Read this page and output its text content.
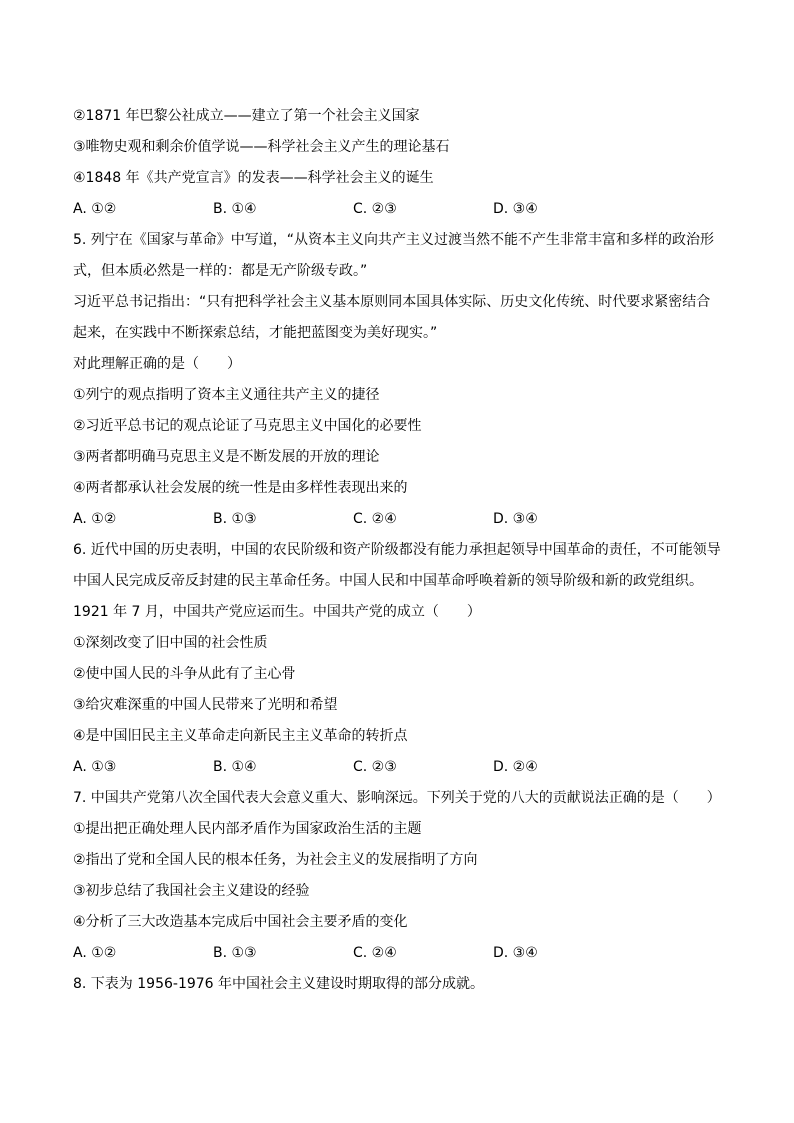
②1871 年巴黎公社成立——建立了第一个社会主义国家
③唯物史观和剩余价值学说——科学社会主义产生的理论基石
④1848 年《共产党宣言》的发表——科学社会主义的诞生
A. ①②	B. ①④	C. ②③	D. ③④
5. 列宁在《国家与革命》中写道，“从资本主义向共产主义过渡当然不能不产生非常丰富和多样的政治形
式，但本质必然是一样的：都是无产阶级专政。”
习近平总书记指出：“只有把科学社会主义基本原则同本国具体实际、历史文化传统、时代要求紧密结合
起来，在实践中不断探索总结，才能把蓝图变为美好现实。”
对此理解正确的是（　　）
①列宁的观点指明了资本主义通往共产主义的捷径
②习近平总书记的观点论证了马克思主义中国化的必要性
③两者都明确马克思主义是不断发展的开放的理论
④两者都承认社会发展的统一性是由多样性表现出来的
A. ①②	B. ①③	C. ②④	D. ③④
6. 近代中国的历史表明，中国的农民阶级和资产阶级都没有能力承担起领导中国革命的责任，不可能领导
中国人民完成反帝反封建的民主革命任务。中国人民和中国革命呼唤着新的领导阶级和新的政党组织。
1921 年 7 月，中国共产党应运而生。中国共产党的成立（　　）
①深刻改变了旧中国的社会性质
②使中国人民的斗争从此有了主心骨
③给灾难深重的中国人民带来了光明和希望
④是中国旧民主主义革命走向新民主主义革命的转折点
A. ①③	B. ①④	C. ②③	D. ②④
7. 中国共产党第八次全国代表大会意义重大、影响深远。下列关于党的八大的贡献说法正确的是（　　）
①提出把正确处理人民内部矛盾作为国家政治生活的主题
②指出了党和全国人民的根本任务，为社会主义的发展指明了方向
③初步总结了我国社会主义建设的经验
④分析了三大改造基本完成后中国社会主要矛盾的变化
A. ①②	B. ①③	C. ②④	D. ③④
8. 下表为 1956-1976 年中国社会主义建设时期取得的部分成就。
